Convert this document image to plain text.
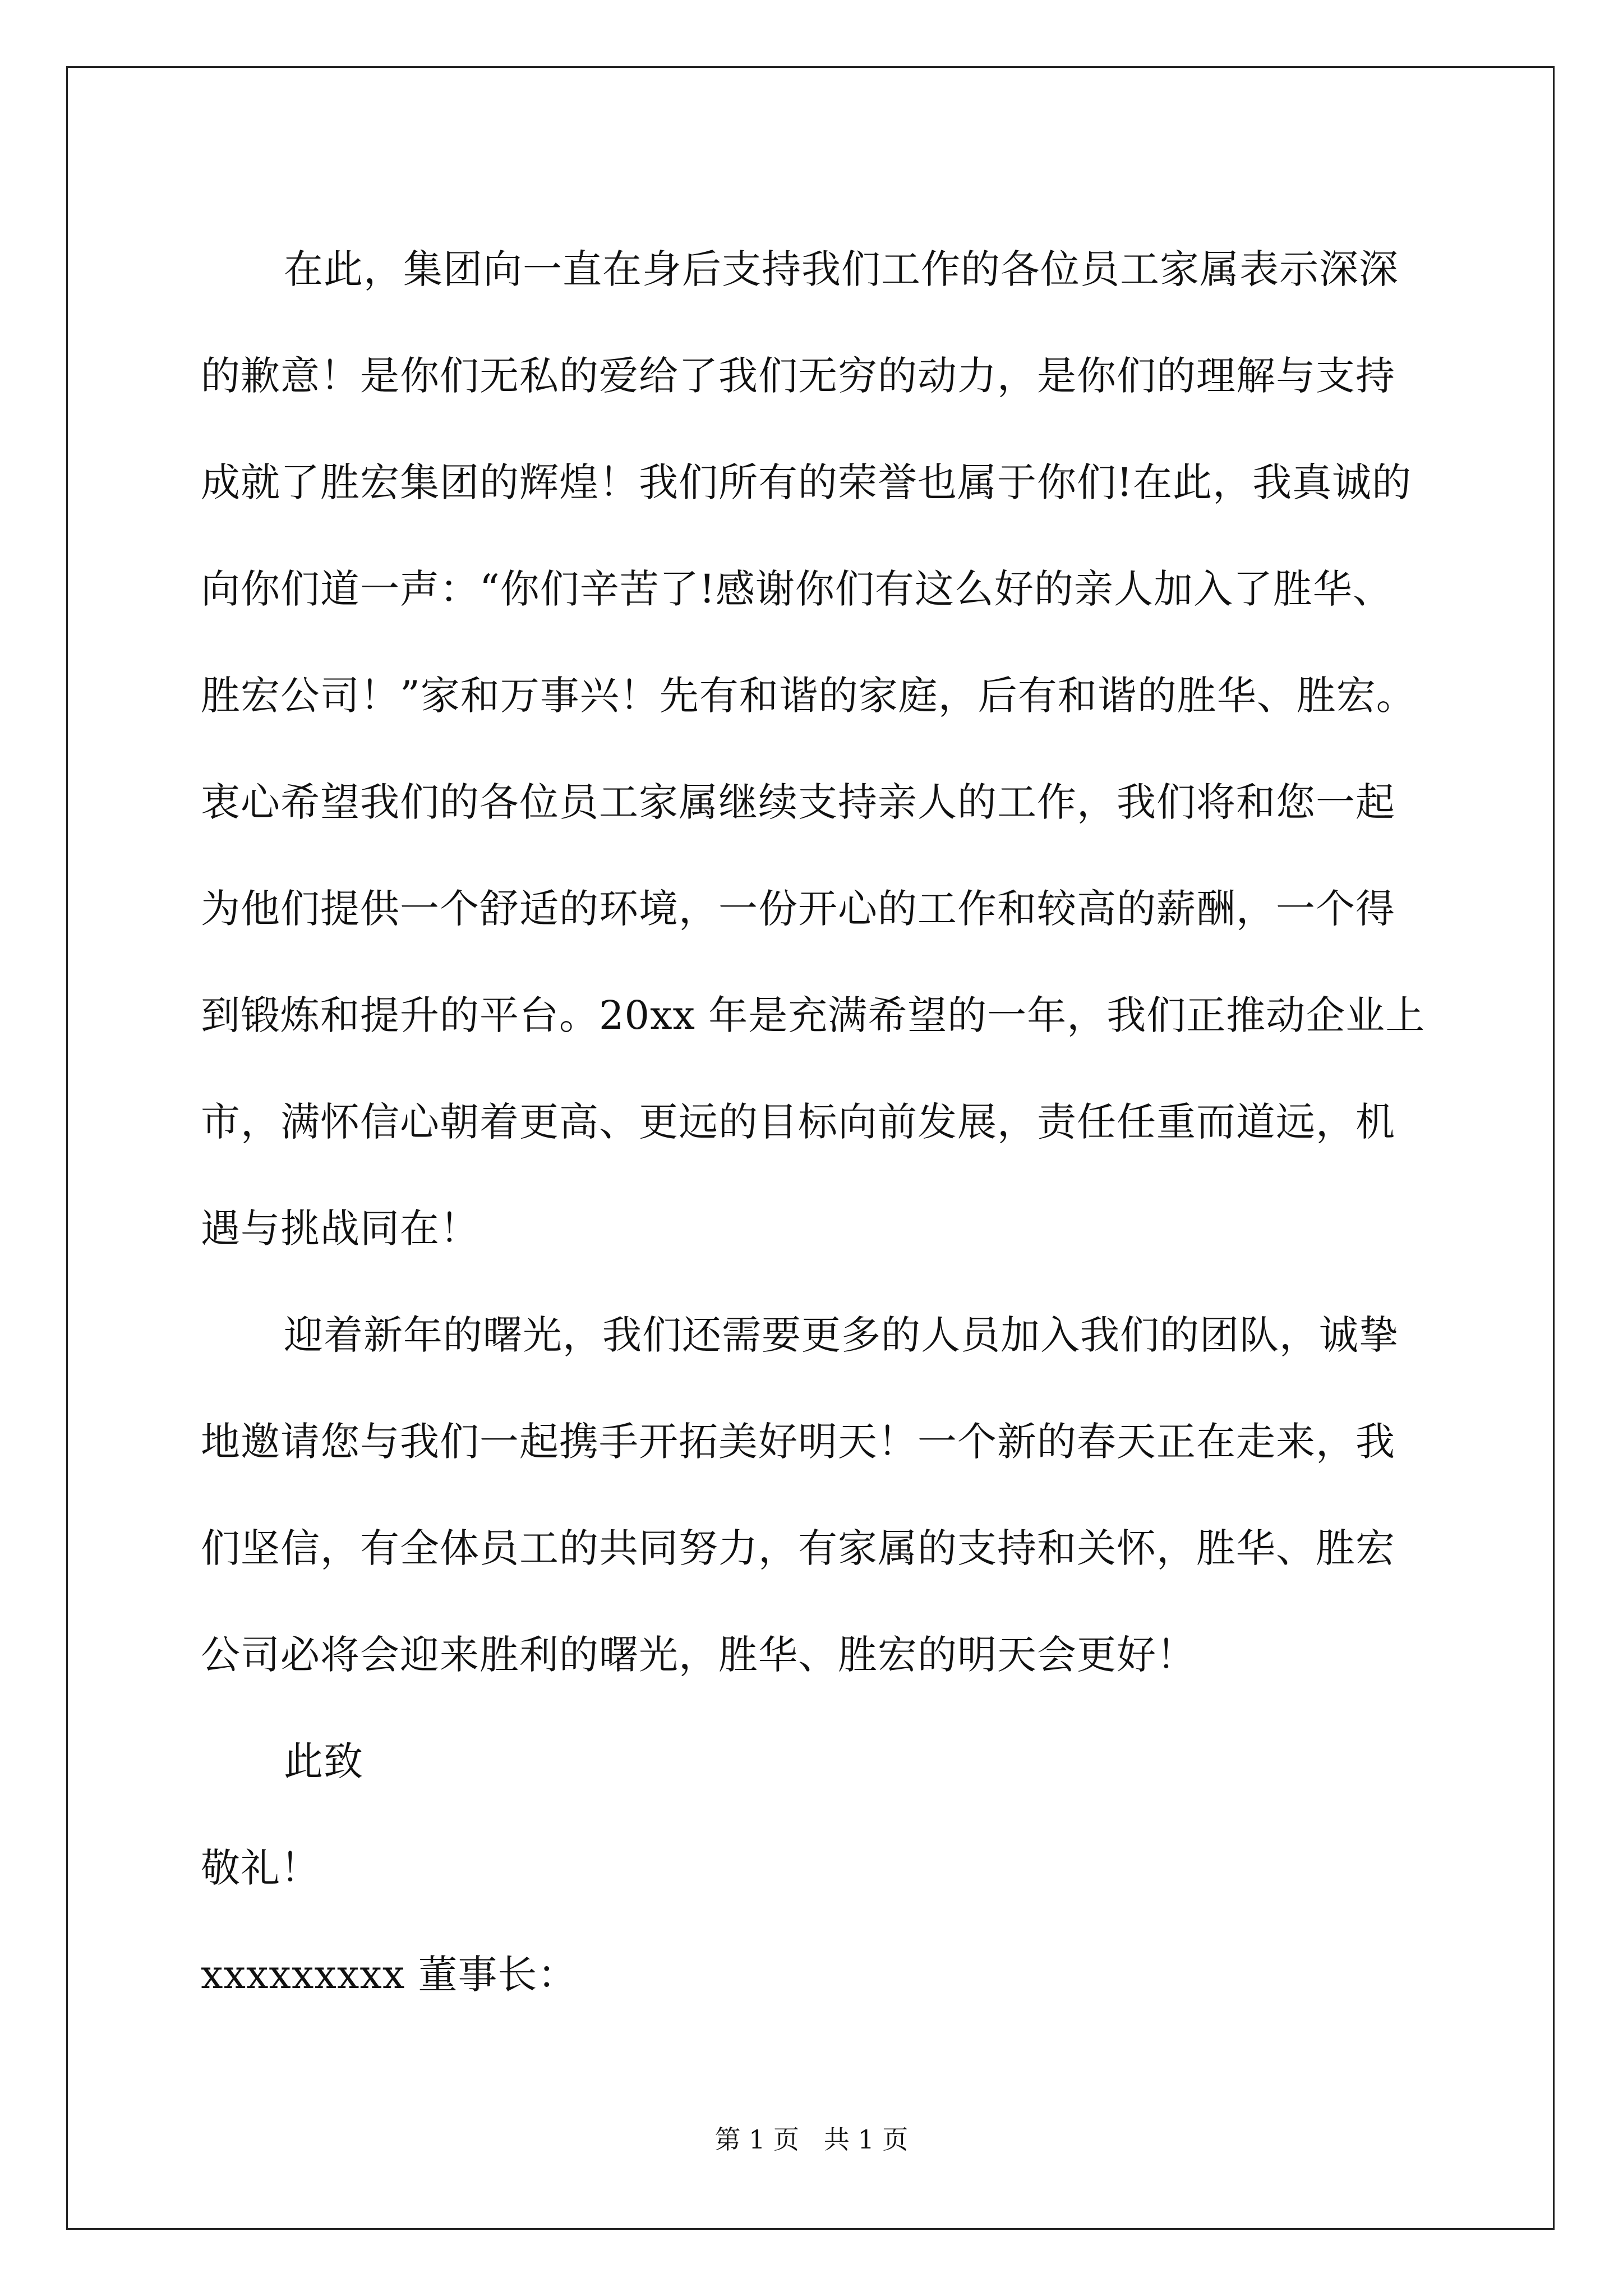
在此，集团向一直在身后支持我们工作的各位员工家属表示深深
的歉意！是你们无私的爱给了我们无穷的动力，是你们的理解与支持
成就了胜宏集团的辉煌！我们所有的荣誉也属于你们!在此，我真诚的
向你们道一声：“你们辛苦了!感谢你们有这么好的亲人加入了胜华、
胜宏公司！”家和万事兴！先有和谐的家庭，后有和谐的胜华、胜宏。
衷心希望我们的各位员工家属继续支持亲人的工作，我们将和您一起
为他们提供一个舒适的环境，一份开心的工作和较高的薪酬，一个得
到锻炼和提升的平台。20xx 年是充满希望的一年，我们正推动企业上
市，满怀信心朝着更高、更远的目标向前发展，责任任重而道远，机
遇与挑战同在！
迎着新年的曙光，我们还需要更多的人员加入我们的团队，诚挚
地邀请您与我们一起携手开拓美好明天！一个新的春天正在走来，我
们坚信，有全体员工的共同努力，有家属的支持和关怀，胜华、胜宏
公司必将会迎来胜利的曙光，胜华、胜宏的明天会更好！
此致
敬礼！
xxxxxxxxx 董事长：
第 1 页   共 1 页
